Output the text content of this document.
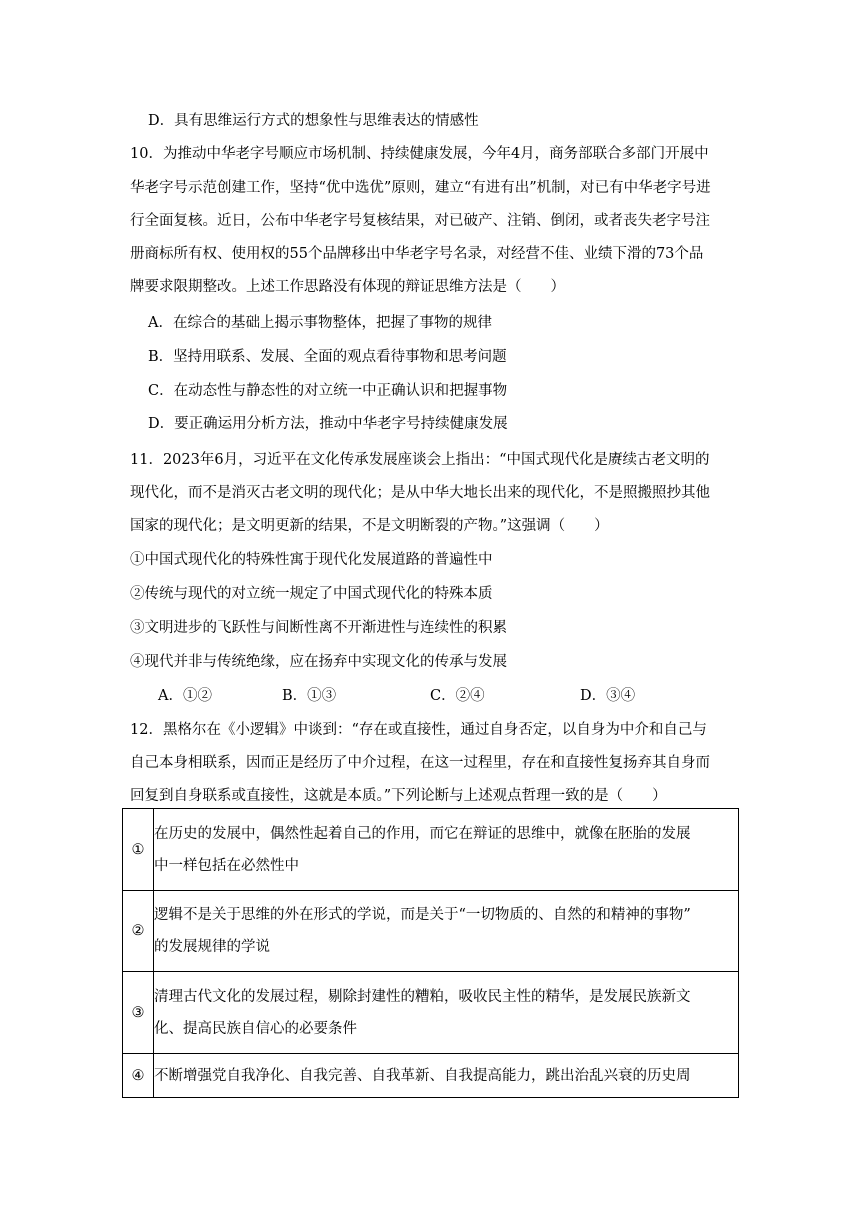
D．具有思维运行方式的想象性与思维表达的情感性
10．为推动中华老字号顺应市场机制、持续健康发展，今年4月，商务部联合多部门开展中
华老字号示范创建工作，坚持“优中选优”原则，建立“有进有出”机制，对已有中华老字号进
行全面复核。近日，公布中华老字号复核结果，对已破产、注销、倒闭，或者丧失老字号注
册商标所有权、使用权的55个品牌移出中华老字号名录，对经营不佳、业绩下滑的73个品
牌要求限期整改。上述工作思路没有体现的辩证思维方法是（　　）
A．在综合的基础上揭示事物整体，把握了事物的规律
B．坚持用联系、发展、全面的观点看待事物和思考问题
C．在动态性与静态性的对立统一中正确认识和把握事物
D．要正确运用分析方法，推动中华老字号持续健康发展
11．2023年6月，习近平在文化传承发展座谈会上指出：“中国式现代化是赓续古老文明的
现代化，而不是消灭古老文明的现代化；是从中华大地长出来的现代化，不是照搬照抄其他
国家的现代化；是文明更新的结果，不是文明断裂的产物。”这强调（　　）
①中国式现代化的特殊性寓于现代化发展道路的普遍性中
②传统与现代的对立统一规定了中国式现代化的特殊本质
③文明进步的飞跃性与间断性离不开渐进性与连续性的积累
④现代并非与传统绝缘，应在扬弃中实现文化的传承与发展
A．①②	B．①③	C．②④	D．③④
12．黑格尔在《小逻辑》中谈到：“存在或直接性，通过自身否定，以自身为中介和自己与
自己本身相联系，因而正是经历了中介过程，在这一过程里，存在和直接性复扬弃其自身而
回复到自身联系或直接性，这就是本质。”下列论断与上述观点哲理一致的是（　　）
①	在历史的发展中，偶然性起着自己的作用，而它在辩证的思维中，就像在胚胎的发展
中一样包括在必然性中

②	逻辑不是关于思维的外在形式的学说，而是关于“一切物质的、自然的和精神的事物”
的发展规律的学说

③	清理古代文化的发展过程，剔除封建性的糟粕，吸收民主性的精华，是发展民族新文
化、提高民族自信心的必要条件

④	不断增强党自我净化、自我完善、自我革新、自我提高能力，跳出治乱兴衰的历史周
